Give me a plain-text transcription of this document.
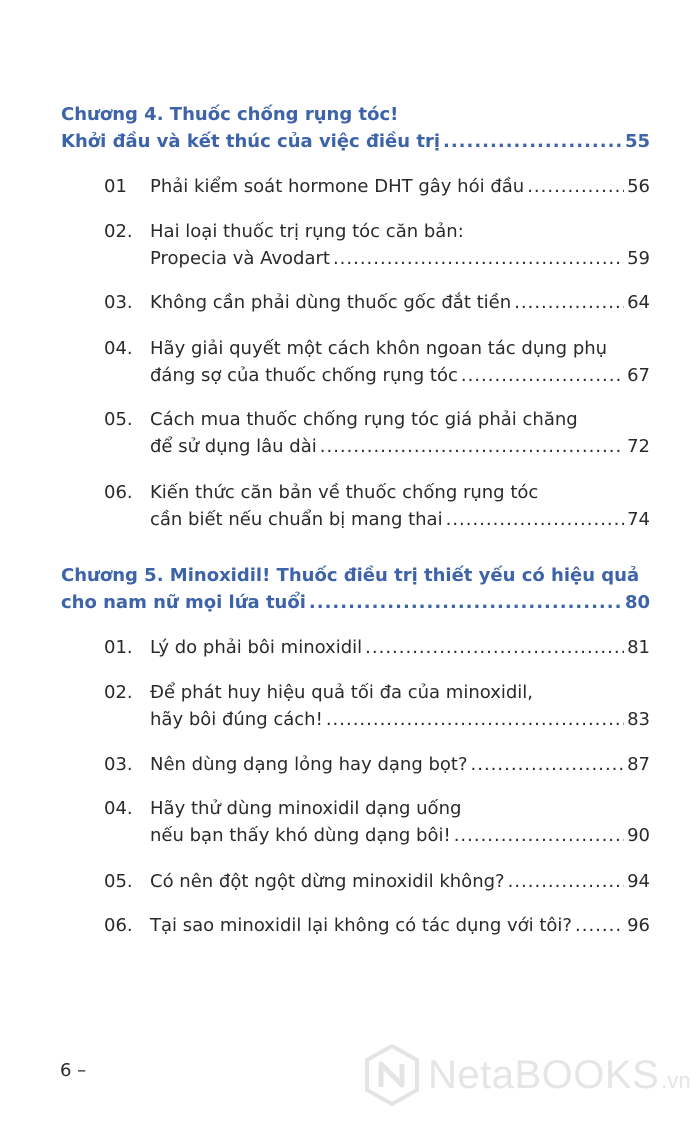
Chương 4. Thuốc chống rụng tóc!
Khởi đầu và kết thúc của việc điều trị .....	55
01 Phải kiểm soát hormone DHT gây hói đầu .....	56
02. Hai loại thuốc trị rụng tóc căn bản:
Propecia và Avodart .....	59
03. Không cần phải dùng thuốc gốc đắt tiền .....	64
04. Hãy giải quyết một cách khôn ngoan tác dụng phụ
đáng sợ của thuốc chống rụng tóc .....	67
05. Cách mua thuốc chống rụng tóc giá phải chăng
để sử dụng lâu dài .....	72
06. Kiến thức căn bản về thuốc chống rụng tóc
cần biết nếu chuẩn bị mang thai .....	74
Chương 5. Minoxidil! Thuốc điều trị thiết yếu có hiệu quả
cho nam nữ mọi lứa tuổi .....	80
01. Lý do phải bôi minoxidil .....	81
02. Để phát huy hiệu quả tối đa của minoxidil,
hãy bôi đúng cách! .....	83
03. Nên dùng dạng lỏng hay dạng bọt? .....	87
04. Hãy thử dùng minoxidil dạng uống
nếu bạn thấy khó dùng dạng bôi! .....	90
05. Có nên đột ngột dừng minoxidil không? .....	94
06. Tại sao minoxidil lại không có tác dụng với tôi? .....	96
6 –	NetaBOOKS .vn
